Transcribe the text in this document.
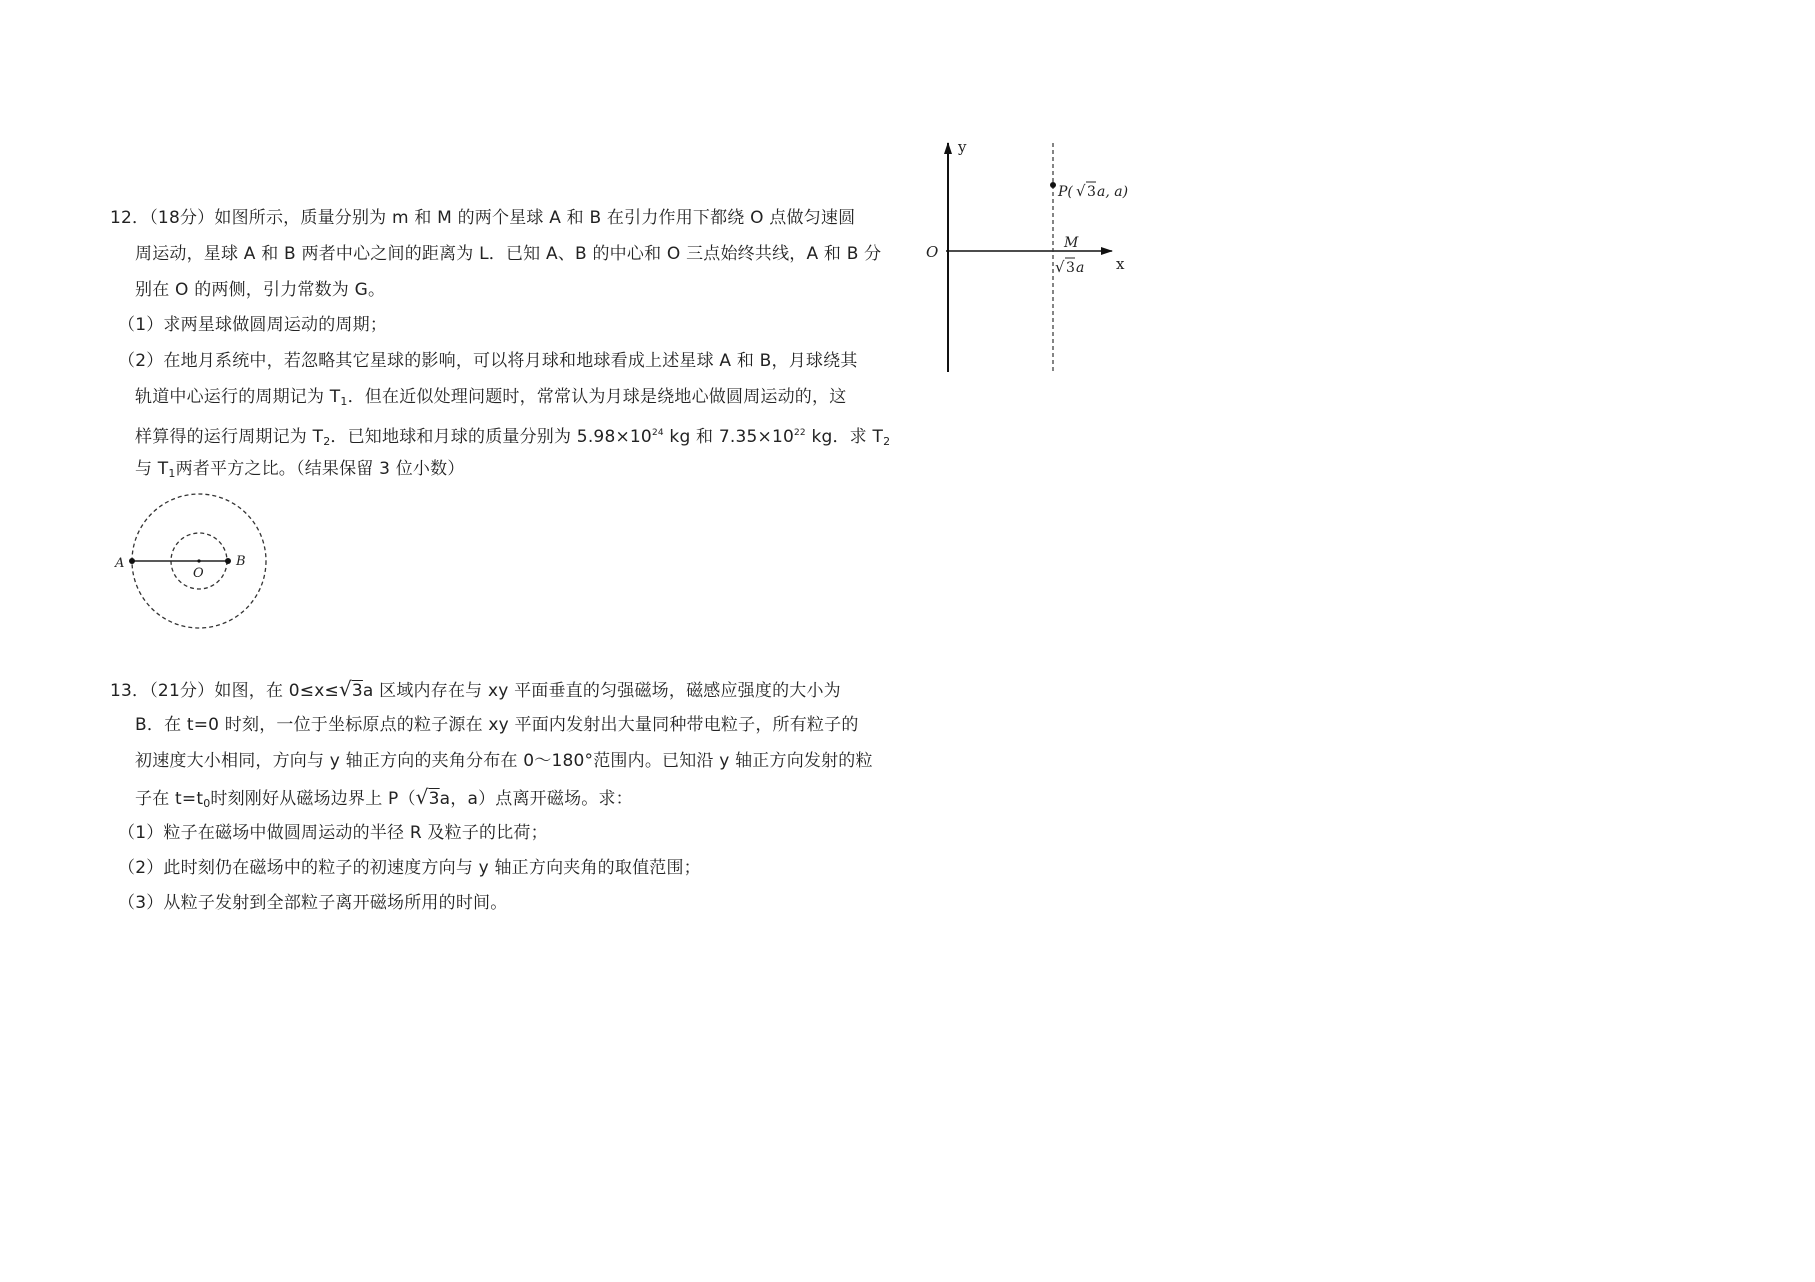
12．（18分）如图所示，质量分别为 m 和 M 的两个星球 A 和 B 在引力作用下都绕 O 点做匀速圆
周运动，星球 A 和 B 两者中心之间的距离为 L．已知 A、B 的中心和 O 三点始终共线，A 和 B 分
别在 O 的两侧，引力常数为 G。
（1）求两星球做圆周运动的周期；
（2）在地月系统中，若忽略其它星球的影响，可以将月球和地球看成上述星球 A 和 B，月球绕其
轨道中心运行的周期记为 $T_1$．但在近似处理问题时，常常认为月球是绕地心做圆周运动的，这
样算得的运行周期记为 $T_2$．已知地球和月球的质量分别为 $5.98\times 10^{24}$ kg 和 $7.35\times 10^{22}$ kg．求 $T_2$
与 $T_1$两者平方之比。（结果保留 3 位小数）
A	B
O
13．（21分）如图，在 0≤x≤√3a 区域内存在与 xy 平面垂直的匀强磁场，磁感应强度的大小为
B．在 t=0 时刻，一位于坐标原点的粒子源在 xy 平面内发射出大量同种带电粒子，所有粒子的
初速度大小相同，方向与 y 轴正方向的夹角分布在 0～180°范围内。已知沿 y 轴正方向发射的粒
子在 $t=t_0$时刻刚好从磁场边界上 P（√3a，a）点离开磁场。求：
（1）粒子在磁场中做圆周运动的半径 R 及粒子的比荷；
（2）此时刻仍在磁场中的粒子的初速度方向与 y 轴正方向夹角的取值范围；
（3）从粒子发射到全部粒子离开磁场所用的时间。
y
x
O	M
√ 3 a
P( √ 3 a, a)
